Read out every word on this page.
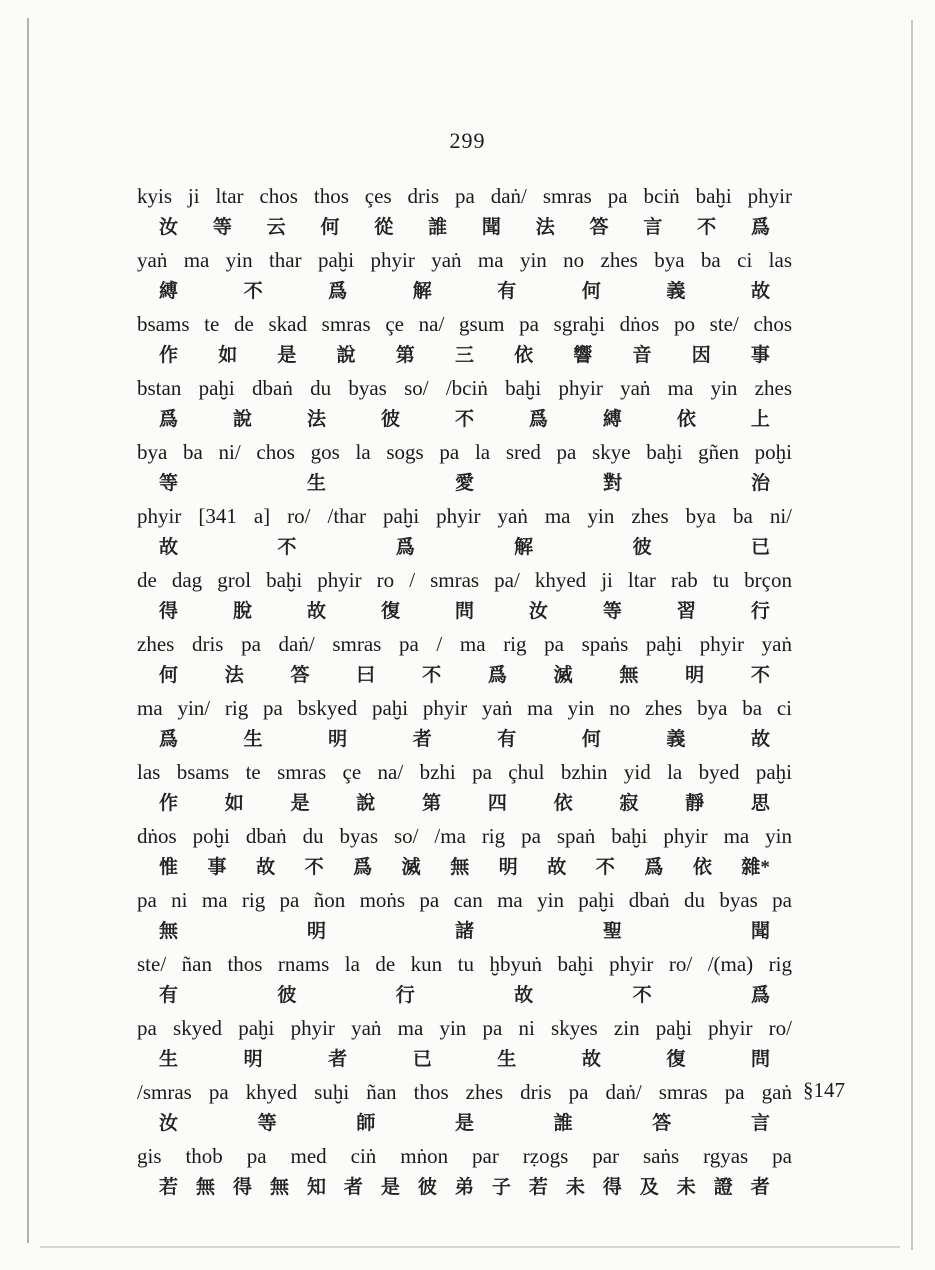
299
kyis ji ltar chos thos çes dris pa daṅ/ smras pa bciṅ baḫi phyir
汝 等 云 何 從 誰 聞 法 答 言 不 爲
yaṅ ma yin thar paḫi phyir yaṅ ma yin no zhes bya ba ci las
縛	不	爲	解	有	何	義	故
bsams te de skad smras çe na/ gsum pa sgraḫi dṅos po ste/ chos
作 如 是 說 第 三 依 響 音 因 事
bstan paḫi dbaṅ du byas so/ /bciṅ baḫi phyir yaṅ ma yin zhes
爲	說	法	彼	不	爲	縛	依	上
bya ba ni/ chos gos la sogs pa la sred pa skye baḫi gñen poḫi
等	生	愛	對	治
phyir [341 a] ro/ /thar paḫi phyir yaṅ ma yin zhes bya ba ni/
故	不	爲	解	彼	已
de dag grol baḫi phyir ro / smras pa/ khyed ji ltar rab tu brçon
得	脫	故	復	問	汝	等	習	行
zhes dris pa daṅ/ smras pa / ma rig pa spaṅs paḫi phyir yaṅ
何 法 答 曰 不 爲 滅 無 明 不
ma yin/ rig pa bskyed paḫi phyir yaṅ ma yin no zhes bya ba ci
爲	生	明	者	有	何	義	故
las bsams te smras çe na/ bzhi pa çhul bzhin yid la byed paḫi
作 如 是 說 第 四 依 寂 靜 思
dṅos poḫi dbaṅ du byas so/ /ma rig pa spaṅ baḫi phyir ma yin
惟 事 故 不 爲 滅 無 明 故 不 爲 依 雜*
pa ni ma rig pa ñon moṅs pa can ma yin paḫi dbaṅ du byas pa
無	明	諸	聖	聞
ste/ ñan thos rnams la de kun tu ḫbyuṅ baḫi phyir ro/ /(ma) rig
有	彼	行	故	不	爲
pa skyed paḫi phyir yaṅ ma yin pa ni skyes zin paḫi phyir ro/
生	明	者	已	生	故	復	問
/smras pa khyed suḫi ñan thos zhes dris pa daṅ/ smras pa gaṅ
汝	等	師	是	誰	答	言
gis thob pa med ciṅ mṅon par rẓogs par saṅs rgyas pa
若 無 得 無 知 者 是 彼 弟 子 若 未 得 及 未 證 者
§147
